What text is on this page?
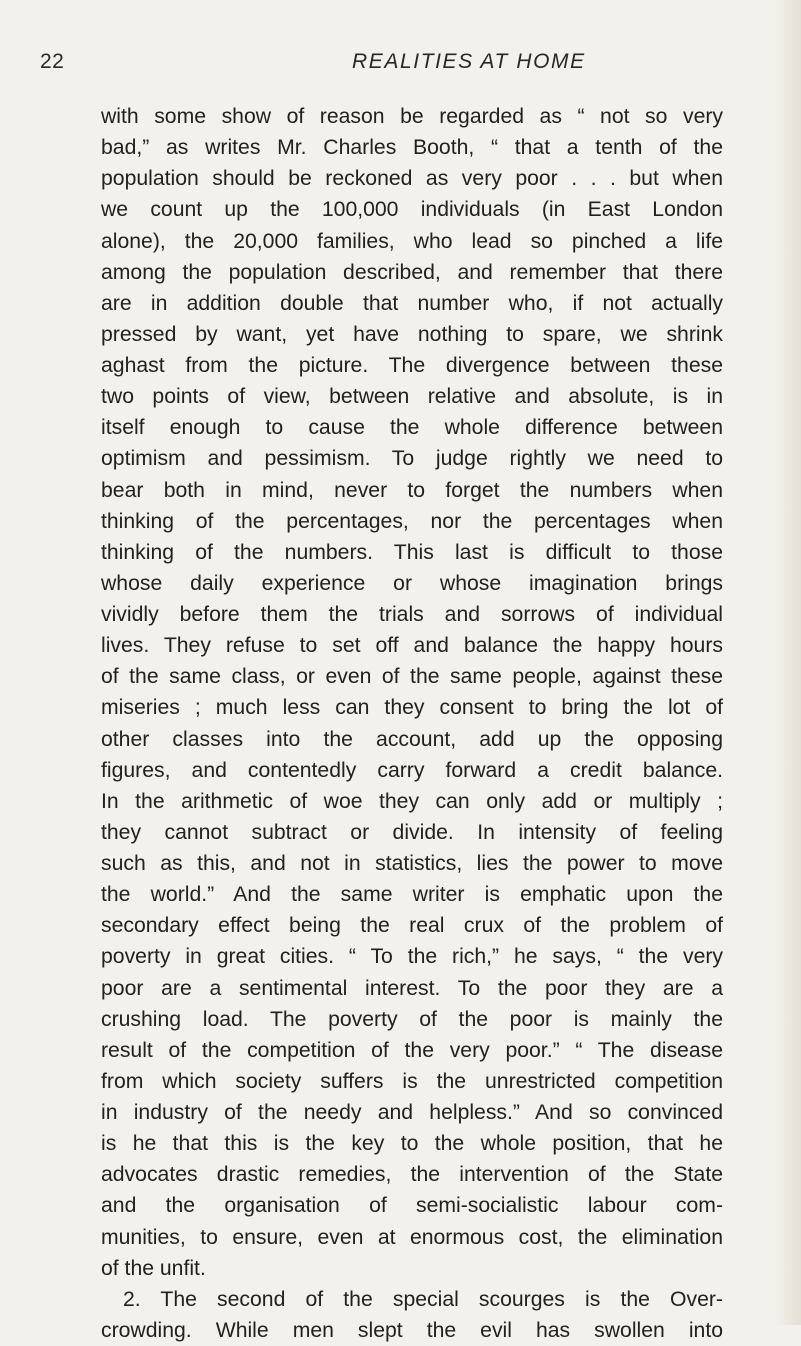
22	REALITIES AT HOME
with some show of reason be regarded as “ not so very
bad,” as writes Mr. Charles Booth, “ that a tenth of the
population should be reckoned as very poor . . . but when
we count up the 100,000 individuals (in East London
alone), the 20,000 families, who lead so pinched a life
among the population described, and remember that there
are in addition double that number who, if not actually
pressed by want, yet have nothing to spare, we shrink
aghast from the picture. The divergence between these
two points of view, between relative and absolute, is in
itself enough to cause the whole difference between
optimism and pessimism. To judge rightly we need to
bear both in mind, never to forget the numbers when
thinking of the percentages, nor the percentages when
thinking of the numbers. This last is difficult to those
whose daily experience or whose imagination brings
vividly before them the trials and sorrows of individual
lives. They refuse to set off and balance the happy hours
of the same class, or even of the same people, against these
miseries ; much less can they consent to bring the lot of
other classes into the account, add up the opposing
figures, and contentedly carry forward a credit balance.
In the arithmetic of woe they can only add or multiply ;
they cannot subtract or divide. In intensity of feeling
such as this, and not in statistics, lies the power to move
the world.” And the same writer is emphatic upon the
secondary effect being the real crux of the problem of
poverty in great cities. “ To the rich,” he says, “ the very
poor are a sentimental interest. To the poor they are a
crushing load. The poverty of the poor is mainly the
result of the competition of the very poor.” “ The disease
from which society suffers is the unrestricted competition
in industry of the needy and helpless.” And so convinced
is he that this is the key to the whole position, that he
advocates drastic remedies, the intervention of the State
and the organisation of semi-socialistic labour com-
munities, to ensure, even at enormous cost, the elimination
of the unfit.
2. The second of the special scourges is the Over-
crowding. While men slept the evil has swollen into
